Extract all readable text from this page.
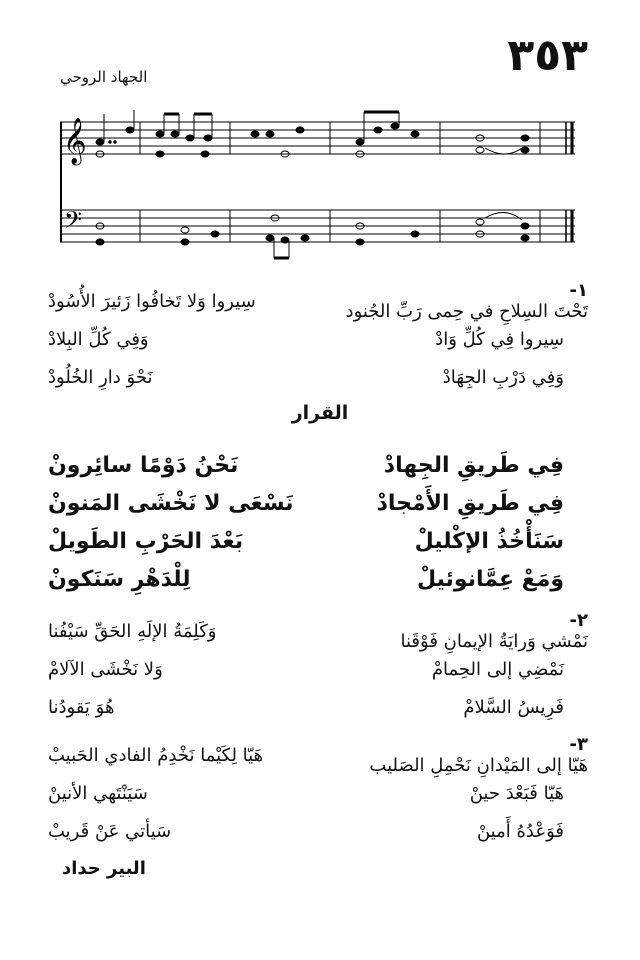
٣٥٣
الجهاد الروحي
𝄞
𝄢
١-
تَحْتَ السِلاحِ في حِمى رَبِّ الجُنود
سِيروا وَلا تَخافُوا زَئيرَ الأُسُودْ
سِيروا فِي كُلِّ وَادْ
وَفِي كُلِّ البِلادْ
وَفِي دَرْبِ الجِهَادْ
نَحْوَ دارِ الخُلُودْ
القرار
فِي طَريقِ الجِهادْ
نَحْنُ دَوْمًا سائِرونْ
فِي طَريقِ الأَمْجادْ
نَسْعَى لا نَخْشَى المَنونْ
سَنَأْخُذُ الإكْليلْ
بَعْدَ الحَرْبِ الطَويلْ
وَمَعْ عِمَّانوئيلْ
لِلْدَهْرِ سَنَكونْ
٢-
نَمْشي وَرايَةُ الإيمانِ فَوْقَنا
وَكَلِمَةُ الإلَهِ الحَقِّ سَيْفُنا
نَمْضِي إلى الحِمامْ
وَلا نَخْشَى الآلامْ
فَرِيسُ السَّلامْ
هُوَ يَقودُنا
٣-
هَيّا إلى المَيْدانِ نَحْمِلِ الصَليب
هَيّا لِكَيْما نَخْدِمُ الفادي الحَبيبْ
هَيّا فَبَعْدَ حينْ
سَيَنْتَهي الأنينْ
فَوَعْدُهُ أَمينْ
سَيأتي عَنْ قَريبْ
البير حداد
